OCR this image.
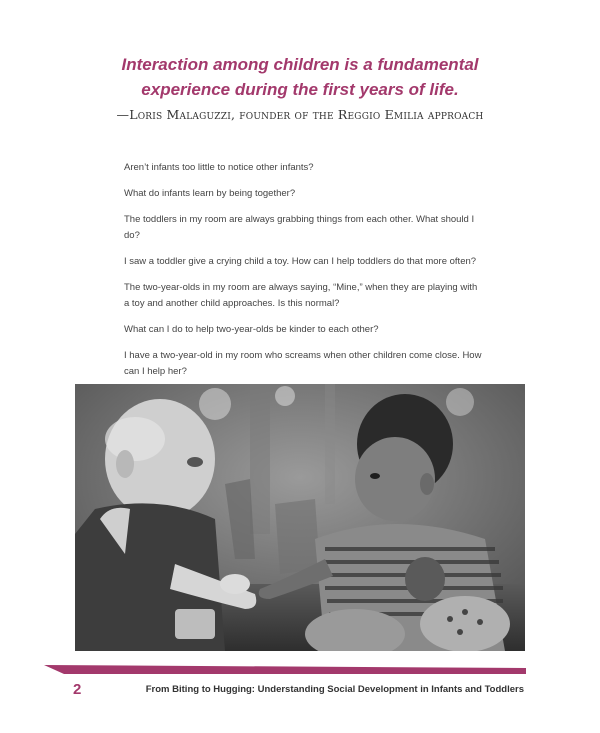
Interaction among children is a fundamental
experience during the first years of life.
—Loris Malaguzzi, founder of the Reggio Emilia approach

Aren’t infants too little to notice other infants?

What do infants learn by being together?

The toddlers in my room are always grabbing things from each other. What should I do?

I saw a toddler give a crying child a toy. How can I help toddlers do that more often?

The two-year-olds in my room are always saying, “Mine,” when they are playing with a toy and another child approaches. Is this normal?

What can I do to help two-year-olds be kinder to each other?

I have a two-year-old in my room who screams when other children come close. How can I help her?

2	From Biting to Hugging: Understanding Social Development in Infants and Toddlers
